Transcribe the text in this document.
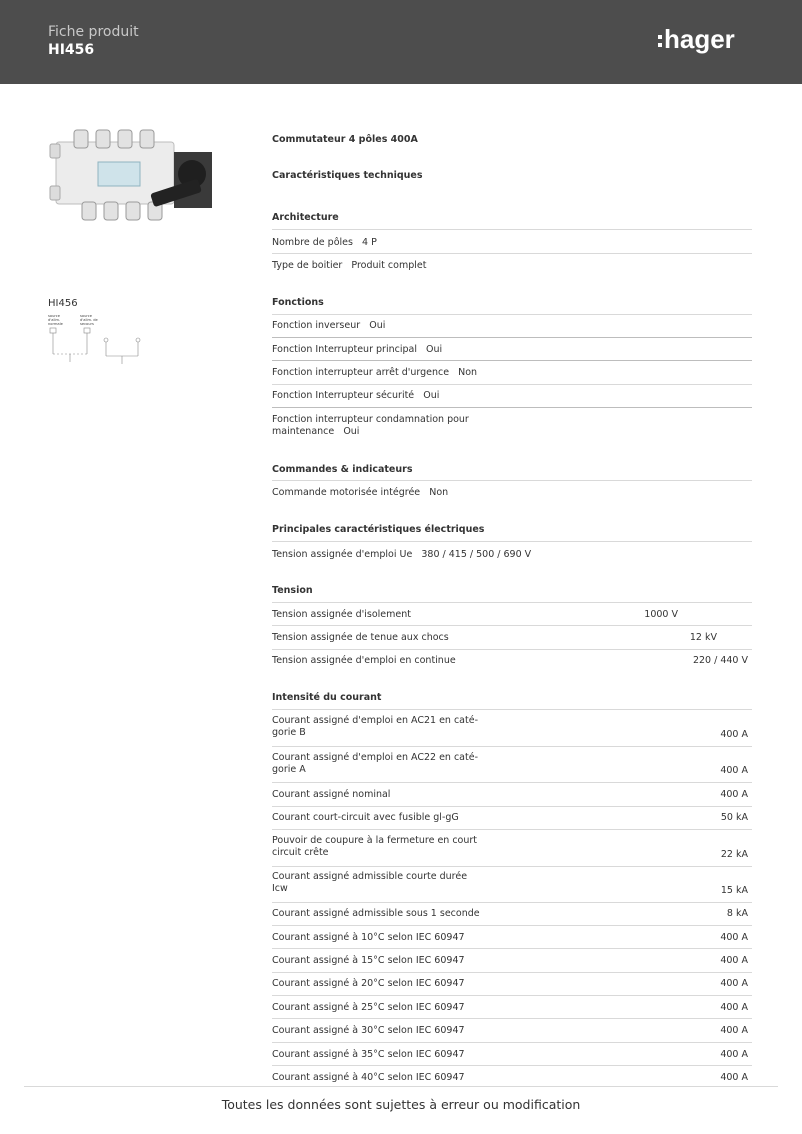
Fiche produit
HI456	hager
HI456
source
d'alim.
normale
source
d'alim. de
secours
Commutateur 4 pôles 400A
Caractéristiques techniques
Architecture
Nombre de pôles 4 P
Type de boitier Produit complet
Fonctions
Fonction inverseur Oui
Fonction Interrupteur principal Oui
Fonction interrupteur arrêt d'urgence Non
Fonction Interrupteur sécurité Oui
Fonction interrupteur condamnation pour
maintenance Oui
Commandes & indicateurs
Commande motorisée intégrée Non
Principales caractéristiques électriques
Tension assignée d'emploi Ue 380 / 415 / 500 / 690 V
Tension
Tension assignée d'isolement	1000 V
Tension assignée de tenue aux chocs	12 kV
Tension assignée d'emploi en continue	220 / 440 V
Intensité du courant
Courant assigné d'emploi en AC21 en caté-
gorie B	400 A
Courant assigné d'emploi en AC22 en caté-
gorie A	400 A
Courant assigné nominal	400 A
Courant court-circuit avec fusible gl-gG	50 kA
Pouvoir de coupure à la fermeture en court
circuit crête	22 kA
Courant assigné admissible courte durée
Icw	15 kA
Courant assigné admissible sous 1 seconde	8 kA
Courant assigné à 10°C selon IEC 60947	400 A
Courant assigné à 15°C selon IEC 60947	400 A
Courant assigné à 20°C selon IEC 60947	400 A
Courant assigné à 25°C selon IEC 60947	400 A
Courant assigné à 30°C selon IEC 60947	400 A
Courant assigné à 35°C selon IEC 60947	400 A
Courant assigné à 40°C selon IEC 60947	400 A
Toutes les données sont sujettes à erreur ou modification
